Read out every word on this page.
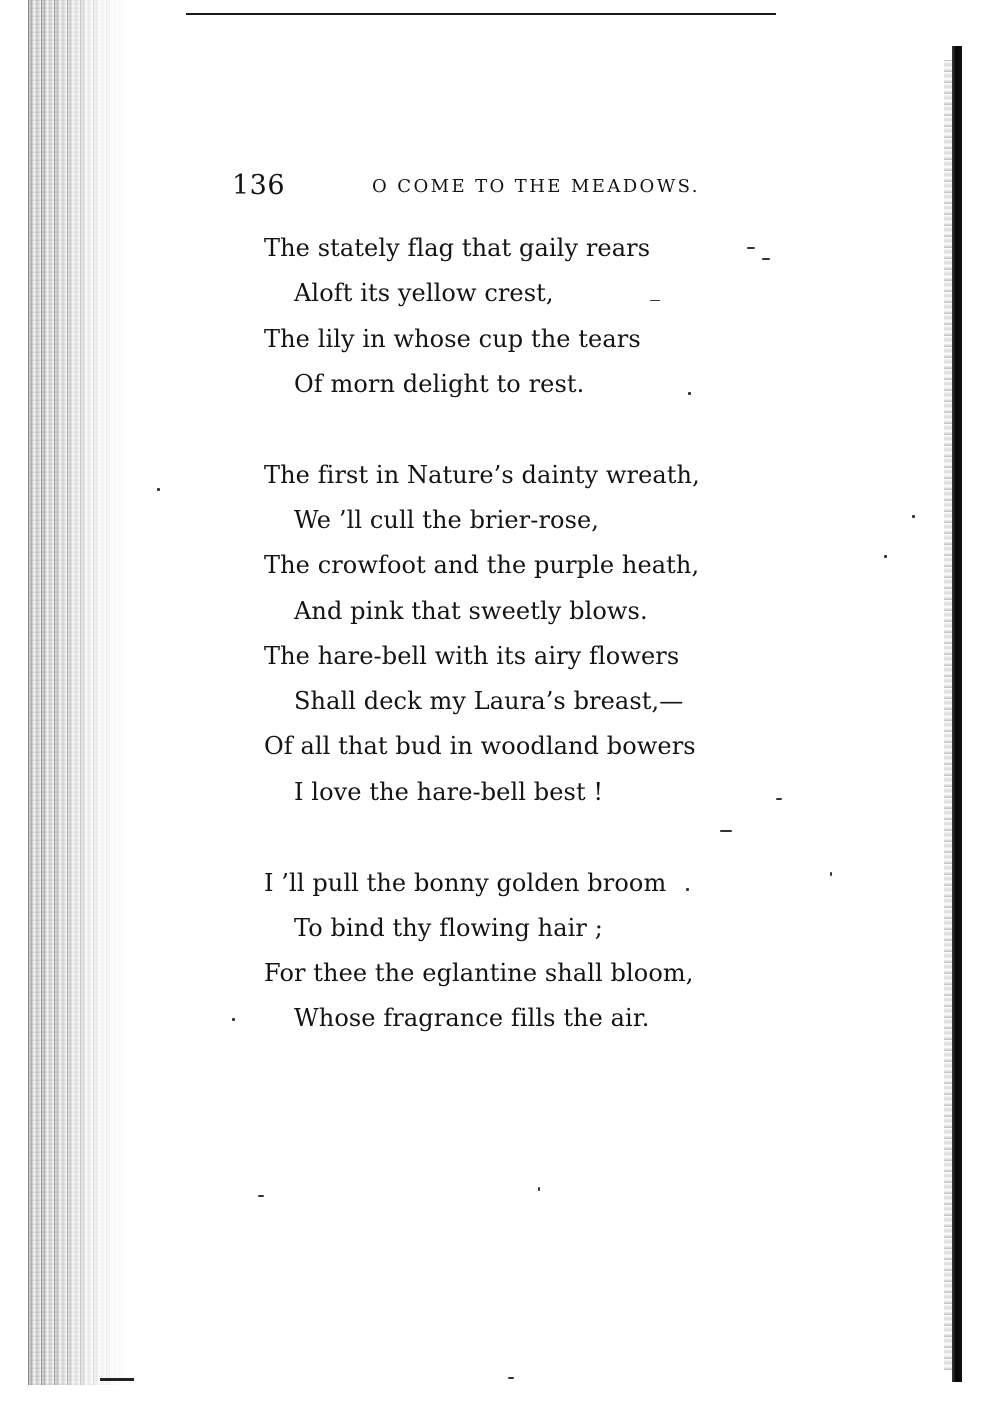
136	O COME TO THE MEADOWS.
The stately flag that gaily rears
Aloft its yellow crest,
The lily in whose cup the tears
Of morn delight to rest.
The first in Nature’s dainty wreath,
We ’ll cull the brier-rose,
The crowfoot and the purple heath,
And pink that sweetly blows.
The hare-bell with its airy flowers
Shall deck my Laura’s breast,—
Of all that bud in woodland bowers
I love the hare-bell best !
I ’ll pull the bonny golden broom
To bind thy flowing hair ;
For thee the eglantine shall bloom,
Whose fragrance fills the air.
